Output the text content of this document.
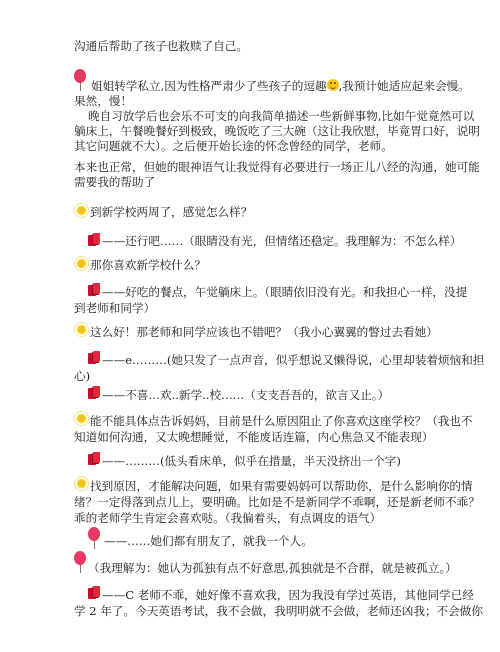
沟通后帮助了孩子也救赎了自己。
姐姐转学私立,因为性格严肃少了些孩子的逗趣 ,我预计她适应起来会慢。
果然，慢！
晚自习放学后也会乐不可支的向我简单描述一些新鲜事物,比如午觉竟然可以
躺床上，午餐晚餐好到极致，晚饭吃了三大碗（这让我欣慰，毕竟胃口好，说明
其它问题就不大）。之后便开始长途的怀念曾经的同学，老师。
本来也正常，但她的眼神语气让我觉得有必要进行一场正儿八经的沟通，她可能
需要我的帮助了
到新学校两周了，感觉怎么样？
——还行吧……（眼睛没有光，但情绪还稳定。我理解为：不怎么样）
那你喜欢新学校什么？
——好吃的餐点，午觉躺床上。（眼睛依旧没有光。和我担心一样，没提
到老师和同学）
这么好！那老师和同学应该也不错吧？（我小心翼翼的瞥过去看她）
——e………(她只发了一点声音，似乎想说又懒得说，心里却装着烦恼和担
心)
——不喜…欢..新学..校……（支支吾吾的，欲言又止。）
能不能具体点告诉妈妈，目前是什么原因阻止了你喜欢这座学校？（我也不
知道如何沟通，又太晚想睡觉，不能废话连篇，内心焦急又不能表现）
——………(低头看床单，似乎在措量，半天没挤出一个字)
找到原因，才能解决问题，如果有需要妈妈可以帮助你，是什么影响你的情
绪？一定得落到点儿上，要明确。比如是不是新同学不乖啊，还是新老师不乖？
乖的老师学生肯定会喜欢哒。（我偏着头，有点调皮的语气）
——……她们都有朋友了，就我一个人。
（我理解为：她认为孤独有点不好意思,孤独就是不合群，就是被孤立。）
——C 老师不乖，她好像不喜欢我，因为我没有学过英语，其他同学已经
学 2 年了。今天英语考试，我不会做，我明明就不会做，老师还凶我；不会做你
